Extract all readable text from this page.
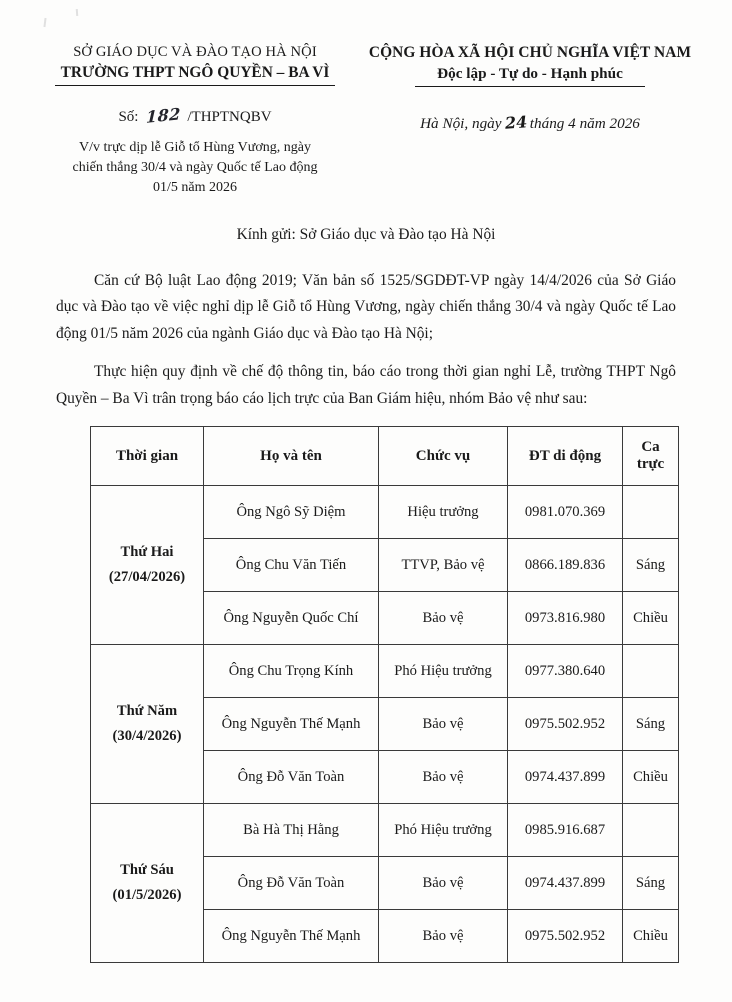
SỞ GIÁO DỤC VÀ ĐÀO TẠO HÀ NỘI
TRƯỜNG THPT NGÔ QUYỀN – BA VÌ
Số: 182 /THPTNQBV
V/v trực dịp lễ Giỗ tổ Hùng Vương, ngày
chiến thắng 30/4 và ngày Quốc tế Lao động
01/5 năm 2026
CỘNG HÒA XÃ HỘI CHỦ NGHĨA VIỆT NAM
Độc lập - Tự do - Hạnh phúc
Hà Nội, ngày 24 tháng 4 năm 2026
Kính gửi: Sở Giáo dục và Đào tạo Hà Nội

Căn cứ Bộ luật Lao động 2019; Văn bản số 1525/SGDĐT-VP ngày 14/4/2026 của Sở Giáo dục và Đào tạo về việc nghỉ dịp lễ Giỗ tổ Hùng Vương, ngày chiến thắng 30/4 và ngày Quốc tế Lao động 01/5 năm 2026 của ngành Giáo dục và Đào tạo Hà Nội;

Thực hiện quy định về chế độ thông tin, báo cáo trong thời gian nghỉ Lễ, trường THPT Ngô Quyền – Ba Vì trân trọng báo cáo lịch trực của Ban Giám hiệu, nhóm Bảo vệ như sau:

Thời gian	Họ và tên	Chức vụ	ĐT di động	Ca
trực

Thứ Hai
(27/04/2026)	Ông Ngô Sỹ Diệm	Hiệu trưởng	0981.070.369	
	Ông Chu Văn Tiến	TTVP, Bảo vệ	0866.189.836	Sáng
	Ông Nguyễn Quốc Chí	Bảo vệ	0973.816.980	Chiều

Thứ Năm
(30/4/2026)	Ông Chu Trọng Kính	Phó Hiệu trưởng	0977.380.640	
	Ông Nguyễn Thế Mạnh	Bảo vệ	0975.502.952	Sáng
	Ông Đỗ Văn Toàn	Bảo vệ	0974.437.899	Chiều

Thứ Sáu
(01/5/2026)	Bà Hà Thị Hằng	Phó Hiệu trưởng	0985.916.687	
	Ông Đỗ Văn Toàn	Bảo vệ	0974.437.899	Sáng
	Ông Nguyễn Thế Mạnh	Bảo vệ	0975.502.952	Chiều
